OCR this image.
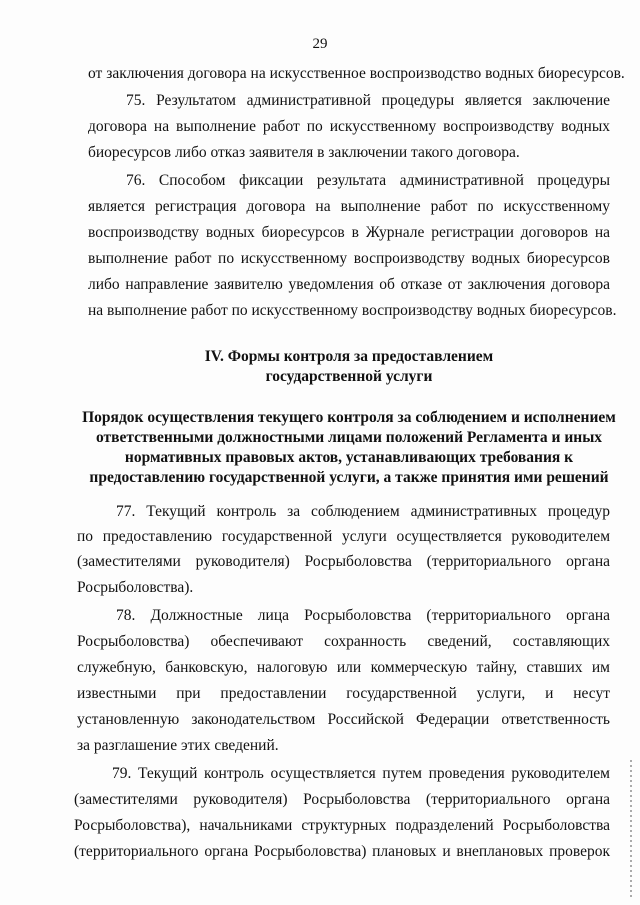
29
от заключения договора на искусственное воспроизводство водных биоресурсов.
75. Результатом административной процедуры является заключение
договора на выполнение работ по искусственному воспроизводству водных
биоресурсов либо отказ заявителя в заключении такого договора.
76. Способом фиксации результата административной процедуры
является регистрация договора на выполнение работ по искусственному
воспроизводству водных биоресурсов в Журнале регистрации договоров на
выполнение работ по искусственному воспроизводству водных биоресурсов
либо направление заявителю уведомления об отказе от заключения договора
на выполнение работ по искусственному воспроизводству водных биоресурсов.
IV. Формы контроля за предоставлением
государственной услуги
Порядок осуществления текущего контроля за соблюдением и исполнением
ответственными должностными лицами положений Регламента и иных
нормативных правовых актов, устанавливающих требования к
предоставлению государственной услуги, а также принятия ими решений
77. Текущий контроль за соблюдением административных процедур
по предоставлению государственной услуги осуществляется руководителем
(заместителями руководителя) Росрыболовства (территориального органа
Росрыболовства).
78. Должностные лица Росрыболовства (территориального органа
Росрыболовства) обеспечивают сохранность сведений, составляющих
служебную, банковскую, налоговую или коммерческую тайну, ставших им
известными при предоставлении государственной услуги, и несут
установленную законодательством Российской Федерации ответственность
за разглашение этих сведений.
79. Текущий контроль осуществляется путем проведения руководителем
(заместителями руководителя) Росрыболовства (территориального органа
Росрыболовства), начальниками структурных подразделений Росрыболовства
(территориального органа Росрыболовства) плановых и внеплановых проверок
